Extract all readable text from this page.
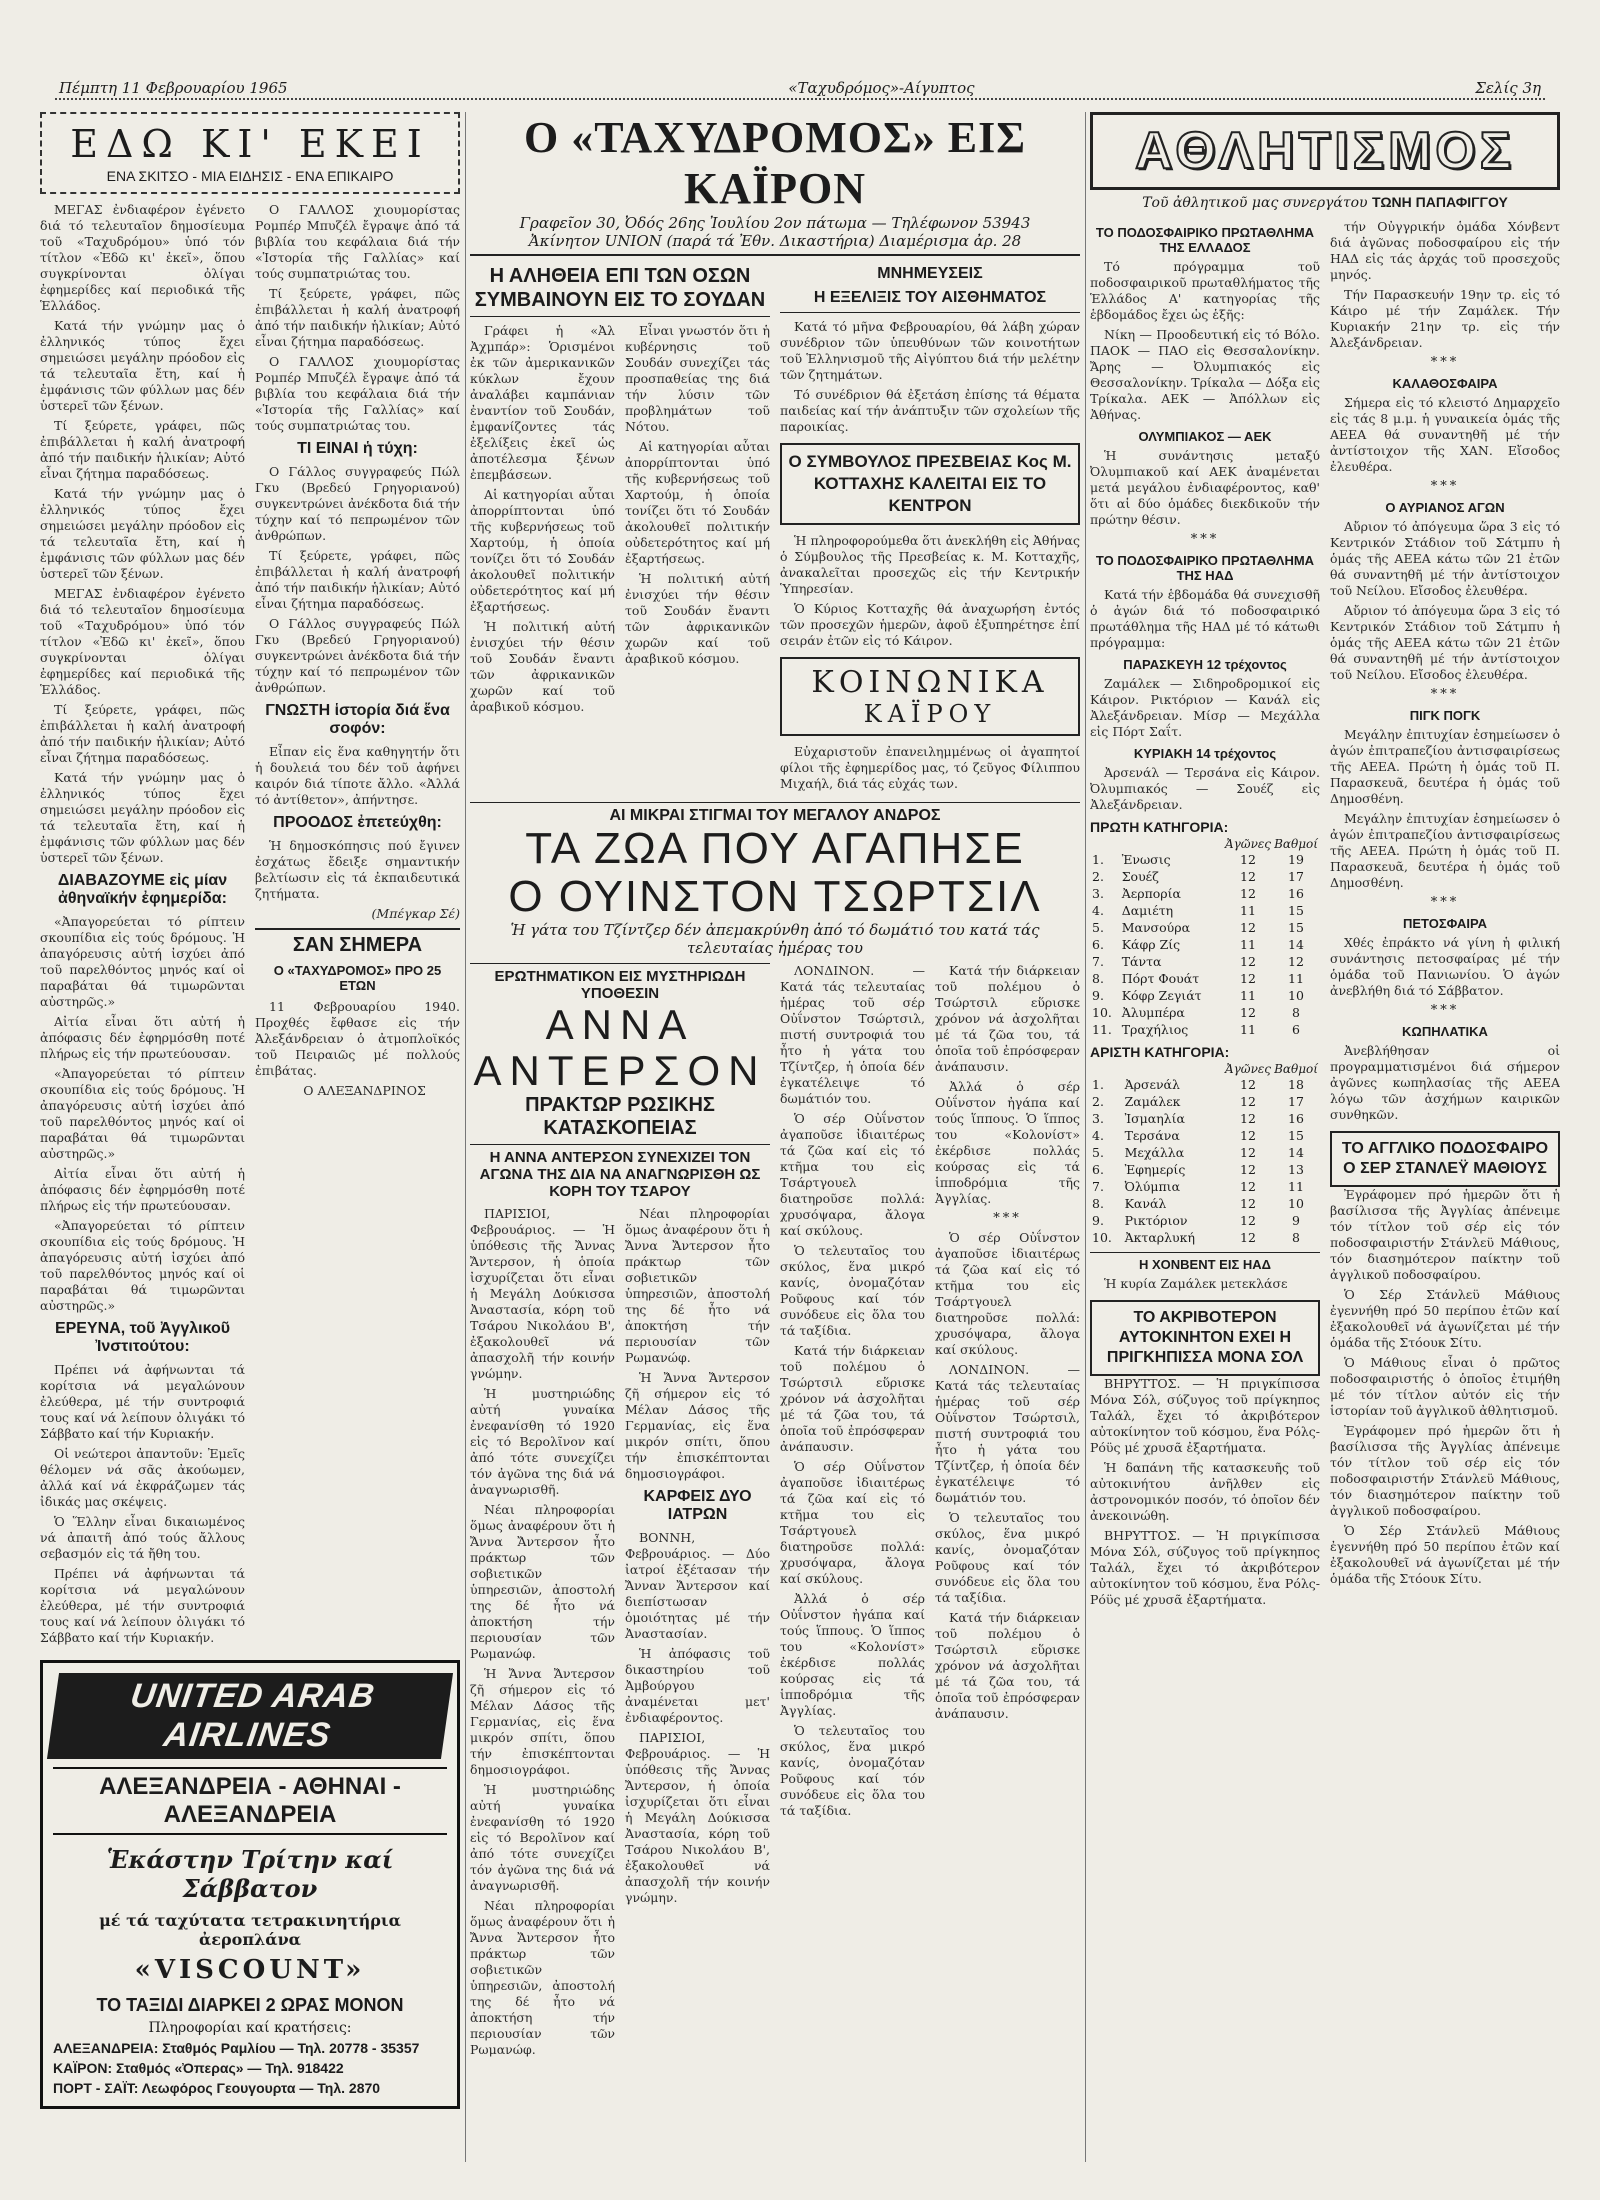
Πέμπτη 11 Φεβρουαρίου 1965	«Ταχυδρόμος»-Αίγυπτος	Σελίς 3η
ΕΔΩ ΚΙ' ΕΚΕΙ
ΕΝΑ ΣΚΙΤΣΟ - ΜΙΑ ΕΙΔΗΣΙΣ - ΕΝΑ ΕΠΙΚΑΙΡΟ

ΜΕΓΑΣ ἐνδιαφέρον ἐγένετο διά τό τελευταῖον δημοσίευμα τοῦ «Ταχυδρόμου» ὑπό τόν τίτλον «Ἐδῶ κι' ἐκεῖ», ὅπου συγκρίνονται ὀλίγαι ἐφημερίδες καί περιοδικά τῆς Ἑλλάδος.

Κατά τήν γνώμην μας ὁ ἐλληνικός τύπος ἔχει σημειώσει μεγάλην πρόοδον εἰς τά τελευταῖα ἔτη, καί ἡ ἐμφάνισις τῶν φύλλων μας δέν ὑστερεῖ τῶν ξένων.

Τί ξεύρετε, γράφει, πῶς ἐπιβάλλεται ἡ καλή ἀνατροφή ἀπό τήν παιδικήν ἡλικίαν; Αὐτό εἶναι ζήτημα παραδόσεως.

Κατά τήν γνώμην μας ὁ ἐλληνικός τύπος ἔχει σημειώσει μεγάλην πρόοδον εἰς τά τελευταῖα ἔτη, καί ἡ ἐμφάνισις τῶν φύλλων μας δέν ὑστερεῖ τῶν ξένων.

ΜΕΓΑΣ ἐνδιαφέρον ἐγένετο διά τό τελευταῖον δημοσίευμα τοῦ «Ταχυδρόμου» ὑπό τόν τίτλον «Ἐδῶ κι' ἐκεῖ», ὅπου συγκρίνονται ὀλίγαι ἐφημερίδες καί περιοδικά τῆς Ἑλλάδος.

Τί ξεύρετε, γράφει, πῶς ἐπιβάλλεται ἡ καλή ἀνατροφή ἀπό τήν παιδικήν ἡλικίαν; Αὐτό εἶναι ζήτημα παραδόσεως.

Κατά τήν γνώμην μας ὁ ἐλληνικός τύπος ἔχει σημειώσει μεγάλην πρόοδον εἰς τά τελευταῖα ἔτη, καί ἡ ἐμφάνισις τῶν φύλλων μας δέν ὑστερεῖ τῶν ξένων.

ΔΙΑΒΑΖΟΥΜΕ εἰς μίαν ἀθηναϊκήν ἐφημερίδα:

«Ἀπαγορεύεται τό ρίπτειν σκουπίδια εἰς τούς δρόμους. Ἡ ἀπαγόρευσις αὐτή ἰσχύει ἀπό τοῦ παρελθόντος μηνός καί οἱ παραβάται θά τιμωρῶνται αὐστηρῶς.»

Αἰτία εἶναι ὅτι αὐτή ἡ ἀπόφασις δέν ἐφηρμόσθη ποτέ πλήρως εἰς τήν πρωτεύουσαν.

«Ἀπαγορεύεται τό ρίπτειν σκουπίδια εἰς τούς δρόμους. Ἡ ἀπαγόρευσις αὐτή ἰσχύει ἀπό τοῦ παρελθόντος μηνός καί οἱ παραβάται θά τιμωρῶνται αὐστηρῶς.»

Αἰτία εἶναι ὅτι αὐτή ἡ ἀπόφασις δέν ἐφηρμόσθη ποτέ πλήρως εἰς τήν πρωτεύουσαν.

«Ἀπαγορεύεται τό ρίπτειν σκουπίδια εἰς τούς δρόμους. Ἡ ἀπαγόρευσις αὐτή ἰσχύει ἀπό τοῦ παρελθόντος μηνός καί οἱ παραβάται θά τιμωρῶνται αὐστηρῶς.»

ΕΡΕΥΝΑ, τοῦ Ἀγγλικοῦ Ἰνστιτούτου:

Πρέπει νά ἀφήνωνται τά κορίτσια νά μεγαλώνουν ἐλεύθερα, μέ τήν συντροφιά τους καί νά λείπουν ὀλιγάκι τό Σάββατο καί τήν Κυριακήν.

Οἱ νεώτεροι ἀπαντοῦν: Ἐμεῖς θέλομεν νά σᾶς ἀκούωμεν, ἀλλά καί νά ἐκφράζωμεν τάς ἰδικάς μας σκέψεις.

Ὁ Ἕλλην εἶναι δικαιωμένος νά ἀπαιτῆ ἀπό τούς ἄλλους σεβασμόν εἰς τά ἤθη του.

Πρέπει νά ἀφήνωνται τά κορίτσια νά μεγαλώνουν ἐλεύθερα, μέ τήν συντροφιά τους καί νά λείπουν ὀλιγάκι τό Σάββατο καί τήν Κυριακήν.

Ο ΓΑΛΛΟΣ χιουμορίστας Ρομπέρ Μπυζέλ ἔγραψε ἀπό τά βιβλία του κεφάλαια διά τήν «Ἱστορία τῆς Γαλλίας» καί τούς συμπατριώτας του.

Τί ξεύρετε, γράφει, πῶς ἐπιβάλλεται ἡ καλή ἀνατροφή ἀπό τήν παιδικήν ἡλικίαν; Αὐτό εἶναι ζήτημα παραδόσεως.

Ο ΓΑΛΛΟΣ χιουμορίστας Ρομπέρ Μπυζέλ ἔγραψε ἀπό τά βιβλία του κεφάλαια διά τήν «Ἱστορία τῆς Γαλλίας» καί τούς συμπατριώτας του.

ΤΙ ΕΙΝΑΙ ἡ τύχη:

Ο Γάλλος συγγραφεύς Πώλ Γκυ (Βρεδεύ Γρηγοριανού) συγκεντρώνει ἀνέκδοτα διά τήν τύχην καί τό πεπρωμένον τῶν ἀνθρώπων.

Τί ξεύρετε, γράφει, πῶς ἐπιβάλλεται ἡ καλή ἀνατροφή ἀπό τήν παιδικήν ἡλικίαν; Αὐτό εἶναι ζήτημα παραδόσεως.

Ο Γάλλος συγγραφεύς Πώλ Γκυ (Βρεδεύ Γρηγοριανού) συγκεντρώνει ἀνέκδοτα διά τήν τύχην καί τό πεπρωμένον τῶν ἀνθρώπων.

ΓΝΩΣΤΗ ἱστορία διά ἕνα σοφόν:

Εἶπαν εἰς ἕνα καθηγητήν ὅτι ἡ δουλειά του δέν τοῦ ἀφήνει καιρόν διά τίποτε ἄλλο. «Ἀλλά τό ἀντίθετον», ἀπήντησε.

ΠΡΟΟΔΟΣ ἐπετεύχθη:

Ἡ δημοσκόπησις πού ἔγινεν ἐσχάτως ἔδειξε σημαντικήν βελτίωσιν εἰς τά ἐκπαιδευτικά ζητήματα.

(Μπέγκαρ Σέ)

ΣΑΝ ΣΗΜΕΡΑ
Ο «ΤΑΧΥΔΡΟΜΟΣ» ΠΡΟ 25 ΕΤΩΝ

11 Φεβρουαρίου 1940. Προχθές ἔφθασε εἰς τήν Ἀλεξάνδρειαν ὁ ἀτμοπλοϊκός τοῦ Πειραιῶς μέ πολλούς ἐπιβάτας.

Ο ΑΛΕΞΑΝΔΡΙΝΟΣ

UNITED ARAB AIRLINES
ΑΛΕΞΑΝΔΡΕΙΑ - ΑΘΗΝΑΙ - ΑΛΕΞΑΝΔΡΕΙΑ
Ἑκάστην Τρίτην καί Σάββατον
μέ τά ταχύτατα τετρακινητήρια ἀεροπλάνα
«VISCOUNT»
ΤΟ ΤΑΞΙΔΙ ΔΙΑΡΚΕΙ 2 ΩΡΑΣ ΜΟΝΟΝ
Πληροφορίαι καί κρατήσεις:
ΑΛΕΞΑΝΔΡΕΙΑ: Σταθμός Ραμλίου — Τηλ. 20778 - 35357
ΚΑΪΡΟΝ: Σταθμός «Ὀπερας» — Τηλ. 918422
ΠΟΡΤ - ΣΑΪΤ: Λεωφόρος Γεουγουρτα — Τηλ. 2870
Ο «ΤΑΧΥΔΡΟΜΟΣ» ΕΙΣ ΚΑΪΡΟΝ
Γραφεῖον 30, Ὀδός 26ης Ἰουλίου 2ον πάτωμα — Τηλέφωνον 53943
Ἀκίνητον UNION (παρά τά Ἐθν. Δικαστήρια) Διαμέρισμα ἀρ. 28
Η ΑΛΗΘΕΙΑ ΕΠΙ ΤΩΝ ΟΣΩΝ ΣΥΜΒΑΙΝΟΥΝ ΕΙΣ ΤΟ ΣΟΥΔΑΝ

Γράφει ἡ «Ἀλ Ἀχμπάρ»: Ὁρισμένοι ἐκ τῶν ἀμερικανικῶν κύκλων ἔχουν ἀναλάβει καμπάνιαν ἐναντίον τοῦ Σουδάν, ἐμφανίζοντες τάς ἐξελίξεις ἐκεῖ ὡς ἀποτέλεσμα ξένων ἐπεμβάσεων.

Αἱ κατηγορίαι αὗται ἀπορρίπτονται ὑπό τῆς κυβερνήσεως τοῦ Χαρτούμ, ἡ ὁποία τονίζει ὅτι τό Σουδάν ἀκολουθεῖ πολιτικήν οὐδετερότητος καί μή ἐξαρτήσεως.

Ἡ πολιτική αὐτή ἐνισχύει τήν θέσιν τοῦ Σουδάν ἔναντι τῶν ἀφρικανικῶν χωρῶν καί τοῦ ἀραβικοῦ κόσμου.

Εἶναι γνωστόν ὅτι ἡ κυβέρνησις τοῦ Σουδάν συνεχίζει τάς προσπαθείας της διά τήν λύσιν τῶν προβλημάτων τοῦ Νότου.

Αἱ κατηγορίαι αὗται ἀπορρίπτονται ὑπό τῆς κυβερνήσεως τοῦ Χαρτούμ, ἡ ὁποία τονίζει ὅτι τό Σουδάν ἀκολουθεῖ πολιτικήν οὐδετερότητος καί μή ἐξαρτήσεως.

Ἡ πολιτική αὐτή ἐνισχύει τήν θέσιν τοῦ Σουδάν ἔναντι τῶν ἀφρικανικῶν χωρῶν καί τοῦ ἀραβικοῦ κόσμου.

ΜΝΗΜΕΥΣΕΙΣ
Η ΕΞΕΛΙΞΙΣ ΤΟΥ ΑΙΣΘΗΜΑΤΟΣ

Κατά τό μῆνα Φεβρουαρίου, θά λάβη χώραν συνέδριον τῶν ὑπευθύνων τῶν κοινοτήτων τοῦ Ἑλληνισμοῦ τῆς Αἰγύπτου διά τήν μελέτην τῶν ζητημάτων.

Τό συνέδριον θά ἐξετάση ἐπίσης τά θέματα παιδείας καί τήν ἀνάπτυξιν τῶν σχολείων τῆς παροικίας.

Ο ΣΥΜΒΟΥΛΟΣ ΠΡΕΣΒΕΙΑΣ Κος Μ. ΚΟΤΤΑΧΗΣ ΚΑΛΕΙΤΑΙ ΕΙΣ ΤΟ ΚΕΝΤΡΟΝ

Ἡ πληροφορούμεθα ὅτι ἀνεκλήθη εἰς Ἀθήνας ὁ Σύμβουλος τῆς Πρεσβείας κ. Μ. Κοτταχῆς, ἀνακαλεῖται προσεχῶς εἰς τήν Κεντρικήν Ὑπηρεσίαν.

Ὁ Κύριος Κοτταχῆς θά ἀναχωρήση ἐντός τῶν προσεχῶν ἡμερῶν, ἀφοῦ ἐξυπηρέτησε ἐπί σειράν ἐτῶν εἰς τό Κάιρον.

ΚΟΙΝΩΝΙΚΑ
ΚΑΪΡΟΥ

Εὐχαριστοῦν ἐπανειλημμένως οἱ ἀγαπητοί φίλοι τῆς ἐφημερίδος μας, τό ζεῦγος Φίλιππου Μιχαήλ, διά τάς εὐχάς των.

ΑΙ ΜΙΚΡΑΙ ΣΤΙΓΜΑΙ ΤΟΥ ΜΕΓΑΛΟΥ ΑΝΔΡΟΣ
ΤΑ ΖΩΑ ΠΟΥ ΑΓΑΠΗΣΕ
Ο ΟΥΙΝΣΤΟΝ ΤΣΩΡΤΣΙΛ
Ἡ γάτα του Τζίντζερ δέν ἀπεμακρύνθη ἀπό τό δωμάτιό του κατά τάς τελευταίας ἡμέρας του
ΕΡΩΤΗΜΑΤΙΚΟΝ ΕΙΣ ΜΥΣΤΗΡΙΩΔΗ ΥΠΟΘΕΣΙΝ
ΑΝΝΑ ΑΝΤΕΡΣΟΝ
ΠΡΑΚΤΩΡ ΡΩΣΙΚΗΣ ΚΑΤΑΣΚΟΠΕΙΑΣ
Η ΑΝΝΑ ΑΝΤΕΡΣΟΝ ΣΥΝΕΧΙΖΕΙ ΤΟΝ ΑΓΩΝΑ ΤΗΣ ΔΙΑ ΝΑ ΑΝΑΓΝΩΡΙΣΘΗ ΩΣ ΚΟΡΗ ΤΟΥ ΤΣΑΡΟΥ

ΠΑΡΙΣΙΟΙ, Φεβρουάριος. — Ἡ ὑπόθεσις τῆς Ἄννας Ἄντερσον, ἡ ὁποία ἰσχυρίζεται ὅτι εἶναι ἡ Μεγάλη Δούκισσα Ἀναστασία, κόρη τοῦ Τσάρου Νικολάου Β', ἐξακολουθεῖ νά ἀπασχολῆ τήν κοινήν γνώμην.

Ἡ μυστηριώδης αὐτή γυναίκα ἐνεφανίσθη τό 1920 εἰς τό Βερολῖνον καί ἀπό τότε συνεχίζει τόν ἀγῶνα της διά νά ἀναγνωρισθῆ.

Νέαι πληροφορίαι ὅμως ἀναφέρουν ὅτι ἡ Ἄννα Ἄντερσον ἦτο πράκτωρ τῶν σοβιετικῶν ὑπηρεσιῶν, ἀποστολή της δέ ἦτο νά ἀποκτήση τήν περιουσίαν τῶν Ρωμανώφ.

Ἡ Ἄννα Ἄντερσον ζῆ σήμερον εἰς τό Μέλαν Δάσος τῆς Γερμανίας, εἰς ἕνα μικρόν σπίτι, ὅπου τήν ἐπισκέπτονται δημοσιογράφοι.

Ἡ μυστηριώδης αὐτή γυναίκα ἐνεφανίσθη τό 1920 εἰς τό Βερολῖνον καί ἀπό τότε συνεχίζει τόν ἀγῶνα της διά νά ἀναγνωρισθῆ.

Νέαι πληροφορίαι ὅμως ἀναφέρουν ὅτι ἡ Ἄννα Ἄντερσον ἦτο πράκτωρ τῶν σοβιετικῶν ὑπηρεσιῶν, ἀποστολή της δέ ἦτο νά ἀποκτήση τήν περιουσίαν τῶν Ρωμανώφ.

Νέαι πληροφορίαι ὅμως ἀναφέρουν ὅτι ἡ Ἄννα Ἄντερσον ἦτο πράκτωρ τῶν σοβιετικῶν ὑπηρεσιῶν, ἀποστολή της δέ ἦτο νά ἀποκτήση τήν περιουσίαν τῶν Ρωμανώφ.

Ἡ Ἄννα Ἄντερσον ζῆ σήμερον εἰς τό Μέλαν Δάσος τῆς Γερμανίας, εἰς ἕνα μικρόν σπίτι, ὅπου τήν ἐπισκέπτονται δημοσιογράφοι.

ΚΑΡΦΕΙΣ ΔΥΟ ΙΑΤΡΩΝ

ΒΟΝΝΗ, Φεβρουάριος. — Δύο ἰατροί ἐξέτασαν τήν Ἄνναν Ἄντερσον καί διεπίστωσαν ὁμοιότητας μέ τήν Ἀναστασίαν.

Ἡ ἀπόφασις τοῦ δικαστηρίου τοῦ Ἀμβούργου ἀναμένεται μετ' ἐνδιαφέροντος.

ΠΑΡΙΣΙΟΙ, Φεβρουάριος. — Ἡ ὑπόθεσις τῆς Ἄννας Ἄντερσον, ἡ ὁποία ἰσχυρίζεται ὅτι εἶναι ἡ Μεγάλη Δούκισσα Ἀναστασία, κόρη τοῦ Τσάρου Νικολάου Β', ἐξακολουθεῖ νά ἀπασχολῆ τήν κοινήν γνώμην.

ΛΟΝΔΙΝΟΝ. — Κατά τάς τελευταίας ἡμέρας τοῦ σέρ Οὐΐνστον Τσώρτσιλ, πιστή συντροφιά του ἦτο ἡ γάτα του Τζίντζερ, ἡ ὁποία δέν ἐγκατέλειψε τό δωμάτιόν του.

Ὁ σέρ Οὐΐνστον ἀγαποῦσε ἰδιαιτέρως τά ζῶα καί εἰς τό κτῆμα του εἰς Τσάρτγουελ διατηροῦσε πολλά: χρυσόψαρα, ἄλογα καί σκύλους.

Ὁ τελευταῖος του σκύλος, ἕνα μικρό κανίς, ὀνομαζόταν Ροῦφους καί τόν συνόδευε εἰς ὅλα του τά ταξίδια.

Κατά τήν διάρκειαν τοῦ πολέμου ὁ Τσώρτσιλ εὕρισκε χρόνον νά ἀσχολῆται μέ τά ζῶα του, τά ὁποῖα τοῦ ἐπρόσφεραν ἀνάπαυσιν.

Ὁ σέρ Οὐΐνστον ἀγαποῦσε ἰδιαιτέρως τά ζῶα καί εἰς τό κτῆμα του εἰς Τσάρτγουελ διατηροῦσε πολλά: χρυσόψαρα, ἄλογα καί σκύλους.

Ἀλλά ὁ σέρ Οὐΐνστον ἠγάπα καί τούς ἵππους. Ὁ ἵππος του «Κολονίστ» ἐκέρδισε πολλάς κούρσας εἰς τά ἱπποδρόμια τῆς Ἀγγλίας.

Ὁ τελευταῖος του σκύλος, ἕνα μικρό κανίς, ὀνομαζόταν Ροῦφους καί τόν συνόδευε εἰς ὅλα του τά ταξίδια.

Κατά τήν διάρκειαν τοῦ πολέμου ὁ Τσώρτσιλ εὕρισκε χρόνον νά ἀσχολῆται μέ τά ζῶα του, τά ὁποῖα τοῦ ἐπρόσφεραν ἀνάπαυσιν.

Ἀλλά ὁ σέρ Οὐΐνστον ἠγάπα καί τούς ἵππους. Ὁ ἵππος του «Κολονίστ» ἐκέρδισε πολλάς κούρσας εἰς τά ἱπποδρόμια τῆς Ἀγγλίας.

***

Ὁ σέρ Οὐΐνστον ἀγαποῦσε ἰδιαιτέρως τά ζῶα καί εἰς τό κτῆμα του εἰς Τσάρτγουελ διατηροῦσε πολλά: χρυσόψαρα, ἄλογα καί σκύλους.

ΛΟΝΔΙΝΟΝ. — Κατά τάς τελευταίας ἡμέρας τοῦ σέρ Οὐΐνστον Τσώρτσιλ, πιστή συντροφιά του ἦτο ἡ γάτα του Τζίντζερ, ἡ ὁποία δέν ἐγκατέλειψε τό δωμάτιόν του.

Ὁ τελευταῖος του σκύλος, ἕνα μικρό κανίς, ὀνομαζόταν Ροῦφους καί τόν συνόδευε εἰς ὅλα του τά ταξίδια.

Κατά τήν διάρκειαν τοῦ πολέμου ὁ Τσώρτσιλ εὕρισκε χρόνον νά ἀσχολῆται μέ τά ζῶα του, τά ὁποῖα τοῦ ἐπρόσφεραν ἀνάπαυσιν.

ΑΘΛΗΤΙΣΜΟΣ
Τοῦ ἀθλητικοῦ μας συνεργάτου ΤΩΝΗ ΠΑΠΑΦΙΓΓΟΥ
ΤΟ ΠΟΔΟΣΦΑΙΡΙΚΟ ΠΡΩΤΑΘΛΗΜΑ ΤΗΣ ΕΛΛΑΔΟΣ

Τό πρόγραμμα τοῦ ποδοσφαιρικοῦ πρωταθλήματος τῆς Ἑλλάδος Α' κατηγορίας τῆς ἑβδομάδος ἔχει ὡς ἑξῆς:

Νίκη — Προοδευτική εἰς τό Βόλο. ΠΑΟΚ — ΠΑΟ εἰς Θεσσαλονίκην. Ἄρης — Ὀλυμπιακός εἰς Θεσσαλονίκην. Τρίκαλα — Δόξα εἰς Τρίκαλα. ΑΕΚ — Ἀπόλλων εἰς Ἀθήνας.

ΟΛΥΜΠΙΑΚΟΣ — ΑΕΚ

Ἡ συνάντησις μεταξύ Ὀλυμπιακοῦ καί ΑΕΚ ἀναμένεται μετά μεγάλου ἐνδιαφέροντος, καθ' ὅτι αἱ δύο ὁμάδες διεκδικοῦν τήν πρώτην θέσιν.

***
ΤΟ ΠΟΔΟΣΦΑΙΡΙΚΟ ΠΡΩΤΑΘΛΗΜΑ ΤΗΣ ΗΑΔ

Κατά τήν ἑβδομάδα θά συνεχισθῆ ὁ ἀγών διά τό ποδοσφαιρικό πρωτάθλημα τῆς ΗΑΔ μέ τό κάτωθι πρόγραμμα:

ΠΑΡΑΣΚΕΥΗ 12 τρέχοντος

Ζαμάλεκ — Σιδηροδρομικοί εἰς Κάιρον. Ρικτόριον — Κανάλ εἰς Ἀλεξάνδρειαν. Μίσρ — Μεχάλλα εἰς Πόρτ Σαΐτ.

ΚΥΡΙΑΚΗ 14 τρέχοντος

Ἀρσενάλ — Τερσάνα εἰς Κάιρον. Ὀλυμπιακός — Σουέζ εἰς Ἀλεξάνδρειαν.

ΠΡΩΤΗ ΚΑΤΗΓΟΡΙΑ:
		Ἀγῶνες	Βαθμοί
1.	Ἐνωσις	12	19
2.	Σουέζ	12	17
3.	Ἀερπορία	12	16
4.	Δαμιέτη	11	15
5.	Μανσούρα	12	15
6.	Κάφρ Ζίς	11	14
7.	Τάντα	12	12
8.	Πόρτ Φουάτ	12	11
9.	Κόφρ Ζεγιάτ	11	10
10.	Ἀλυμπέρα	12	8
11.	Τραχήλιος	11	6
ΑΡΙΣΤΗ ΚΑΤΗΓΟΡΙΑ:
		Ἀγῶνες	Βαθμοί
1.	Ἀρσενάλ	12	18
2.	Ζαμάλεκ	12	17
3.	Ἰσμαηλία	12	16
4.	Τερσάνα	12	15
5.	Μεχάλλα	12	14
6.	Ἐφημερίς	12	13
7.	Ὀλύμπια	12	11
8.	Κανάλ	12	10
9.	Ρικτόριον	12	9
10.	Ἀκταρλυκή	12	8
Η ΧΟΝΒΕΝΤ ΕΙΣ ΗΑΔ

Ἡ κυρία Ζαμάλεκ μετεκλάσε

ΤΟ ΑΚΡΙΒΟΤΕΡΟΝ ΑΥΤΟΚΙΝΗΤΟΝ ΕΧΕΙ Η ΠΡΙΓΚΗΠΙΣΣΑ ΜΟΝΑ ΣΟΛ

ΒΗΡΥΤΤΟΣ. — Ἡ πριγκίπισσα Μόνα Σόλ, σύζυγος τοῦ πρίγκηπος Ταλάλ, ἔχει τό ἀκριβότερον αὐτοκίνητον τοῦ κόσμου, ἕνα Ρόλς-Ρόϋς μέ χρυσᾶ ἐξαρτήματα.

Ἡ δαπάνη τῆς κατασκευῆς τοῦ αὐτοκινήτου ἀνῆλθεν εἰς ἀστρονομικόν ποσόν, τό ὁποῖον δέν ἀνεκοινώθη.

ΒΗΡΥΤΤΟΣ. — Ἡ πριγκίπισσα Μόνα Σόλ, σύζυγος τοῦ πρίγκηπος Ταλάλ, ἔχει τό ἀκριβότερον αὐτοκίνητον τοῦ κόσμου, ἕνα Ρόλς-Ρόϋς μέ χρυσᾶ ἐξαρτήματα.

τήν Οὐγγρικήν ὁμάδα Χόνβεντ διά ἀγῶνας ποδοσφαίρου εἰς τήν ΗΑΔ εἰς τάς ἀρχάς τοῦ προσεχοῦς μηνός.

Τήν Παρασκευήν 19ην τρ. εἰς τό Κάιρο μέ τήν Ζαμάλεκ. Τήν Κυριακήν 21ην τρ. εἰς τήν Ἀλεξάνδρειαν.

***
ΚΑΛΑΘΟΣΦΑΙΡΑ

Σήμερα εἰς τό κλειστό Δημαρχεῖο εἰς τάς 8 μ.μ. ἡ γυναικεία ὁμάς τῆς ΑΕΕΑ θά συναντηθῆ μέ τήν ἀντίστοιχον τῆς ΧΑΝ. Εἴσοδος ἐλευθέρα.

***
Ο ΑΥΡΙΑΝΟΣ ΑΓΩΝ

Αὔριον τό ἀπόγευμα ὥρα 3 εἰς τό Κεντρικόν Στάδιον τοῦ Σάτμπυ ἡ ὁμάς τῆς ΑΕΕΑ κάτω τῶν 21 ἐτῶν θά συναντηθῆ μέ τήν ἀντίστοιχον τοῦ Νείλου. Εἴσοδος ἐλευθέρα.

Αὔριον τό ἀπόγευμα ὥρα 3 εἰς τό Κεντρικόν Στάδιον τοῦ Σάτμπυ ἡ ὁμάς τῆς ΑΕΕΑ κάτω τῶν 21 ἐτῶν θά συναντηθῆ μέ τήν ἀντίστοιχον τοῦ Νείλου. Εἴσοδος ἐλευθέρα.

***
ΠΙΓΚ ΠΟΓΚ

Μεγάλην ἐπιτυχίαν ἐσημείωσεν ὁ ἀγών ἐπιτραπεζίου ἀντισφαιρίσεως τῆς ΑΕΕΑ. Πρώτη ἡ ὁμάς τοῦ Π. Παρασκευᾶ, δευτέρα ἡ ὁμάς τοῦ Δημοσθένη.

Μεγάλην ἐπιτυχίαν ἐσημείωσεν ὁ ἀγών ἐπιτραπεζίου ἀντισφαιρίσεως τῆς ΑΕΕΑ. Πρώτη ἡ ὁμάς τοῦ Π. Παρασκευᾶ, δευτέρα ἡ ὁμάς τοῦ Δημοσθένη.

***
ΠΕΤΟΣΦΑΙΡΑ

Χθές ἐπράκτο νά γίνη ἡ φιλική συνάντησις πετοσφαίρας μέ τήν ὁμάδα τοῦ Πανιωνίου. Ὁ ἀγών ἀνεβλήθη διά τό Σάββατον.

***
ΚΩΠΗΛΑΤΙΚΑ

Ἀνεβλήθησαν οἱ προγραμματισμένοι διά σήμερον ἀγῶνες κωπηλασίας τῆς ΑΕΕΑ λόγω τῶν ἀσχήμων καιρικῶν συνθηκῶν.

ΤΟ ΑΓΓΛΙΚΟ ΠΟΔΟΣΦΑΙΡΟ Ο ΣΕΡ ΣΤΑΝΛΕΫ ΜΑΘΙΟΥΣ

Ἐγράφομεν πρό ἡμερῶν ὅτι ἡ βασίλισσα τῆς Ἀγγλίας ἀπένειμε τόν τίτλον τοῦ σέρ εἰς τόν ποδοσφαιριστήν Στάνλεϋ Μάθιους, τόν διασημότερον παίκτην τοῦ ἀγγλικοῦ ποδοσφαίρου.

Ὁ Σέρ Στάνλεϋ Μάθιους ἐγεννήθη πρό 50 περίπου ἐτῶν καί ἐξακολουθεῖ νά ἀγωνίζεται μέ τήν ὁμάδα τῆς Στόουκ Σίτυ.

Ὁ Μάθιους εἶναι ὁ πρῶτος ποδοσφαιριστής ὁ ὁποῖος ἐτιμήθη μέ τόν τίτλον αὐτόν εἰς τήν ἱστορίαν τοῦ ἀγγλικοῦ ἀθλητισμοῦ.

Ἐγράφομεν πρό ἡμερῶν ὅτι ἡ βασίλισσα τῆς Ἀγγλίας ἀπένειμε τόν τίτλον τοῦ σέρ εἰς τόν ποδοσφαιριστήν Στάνλεϋ Μάθιους, τόν διασημότερον παίκτην τοῦ ἀγγλικοῦ ποδοσφαίρου.

Ὁ Σέρ Στάνλεϋ Μάθιους ἐγεννήθη πρό 50 περίπου ἐτῶν καί ἐξακολουθεῖ νά ἀγωνίζεται μέ τήν ὁμάδα τῆς Στόουκ Σίτυ.
